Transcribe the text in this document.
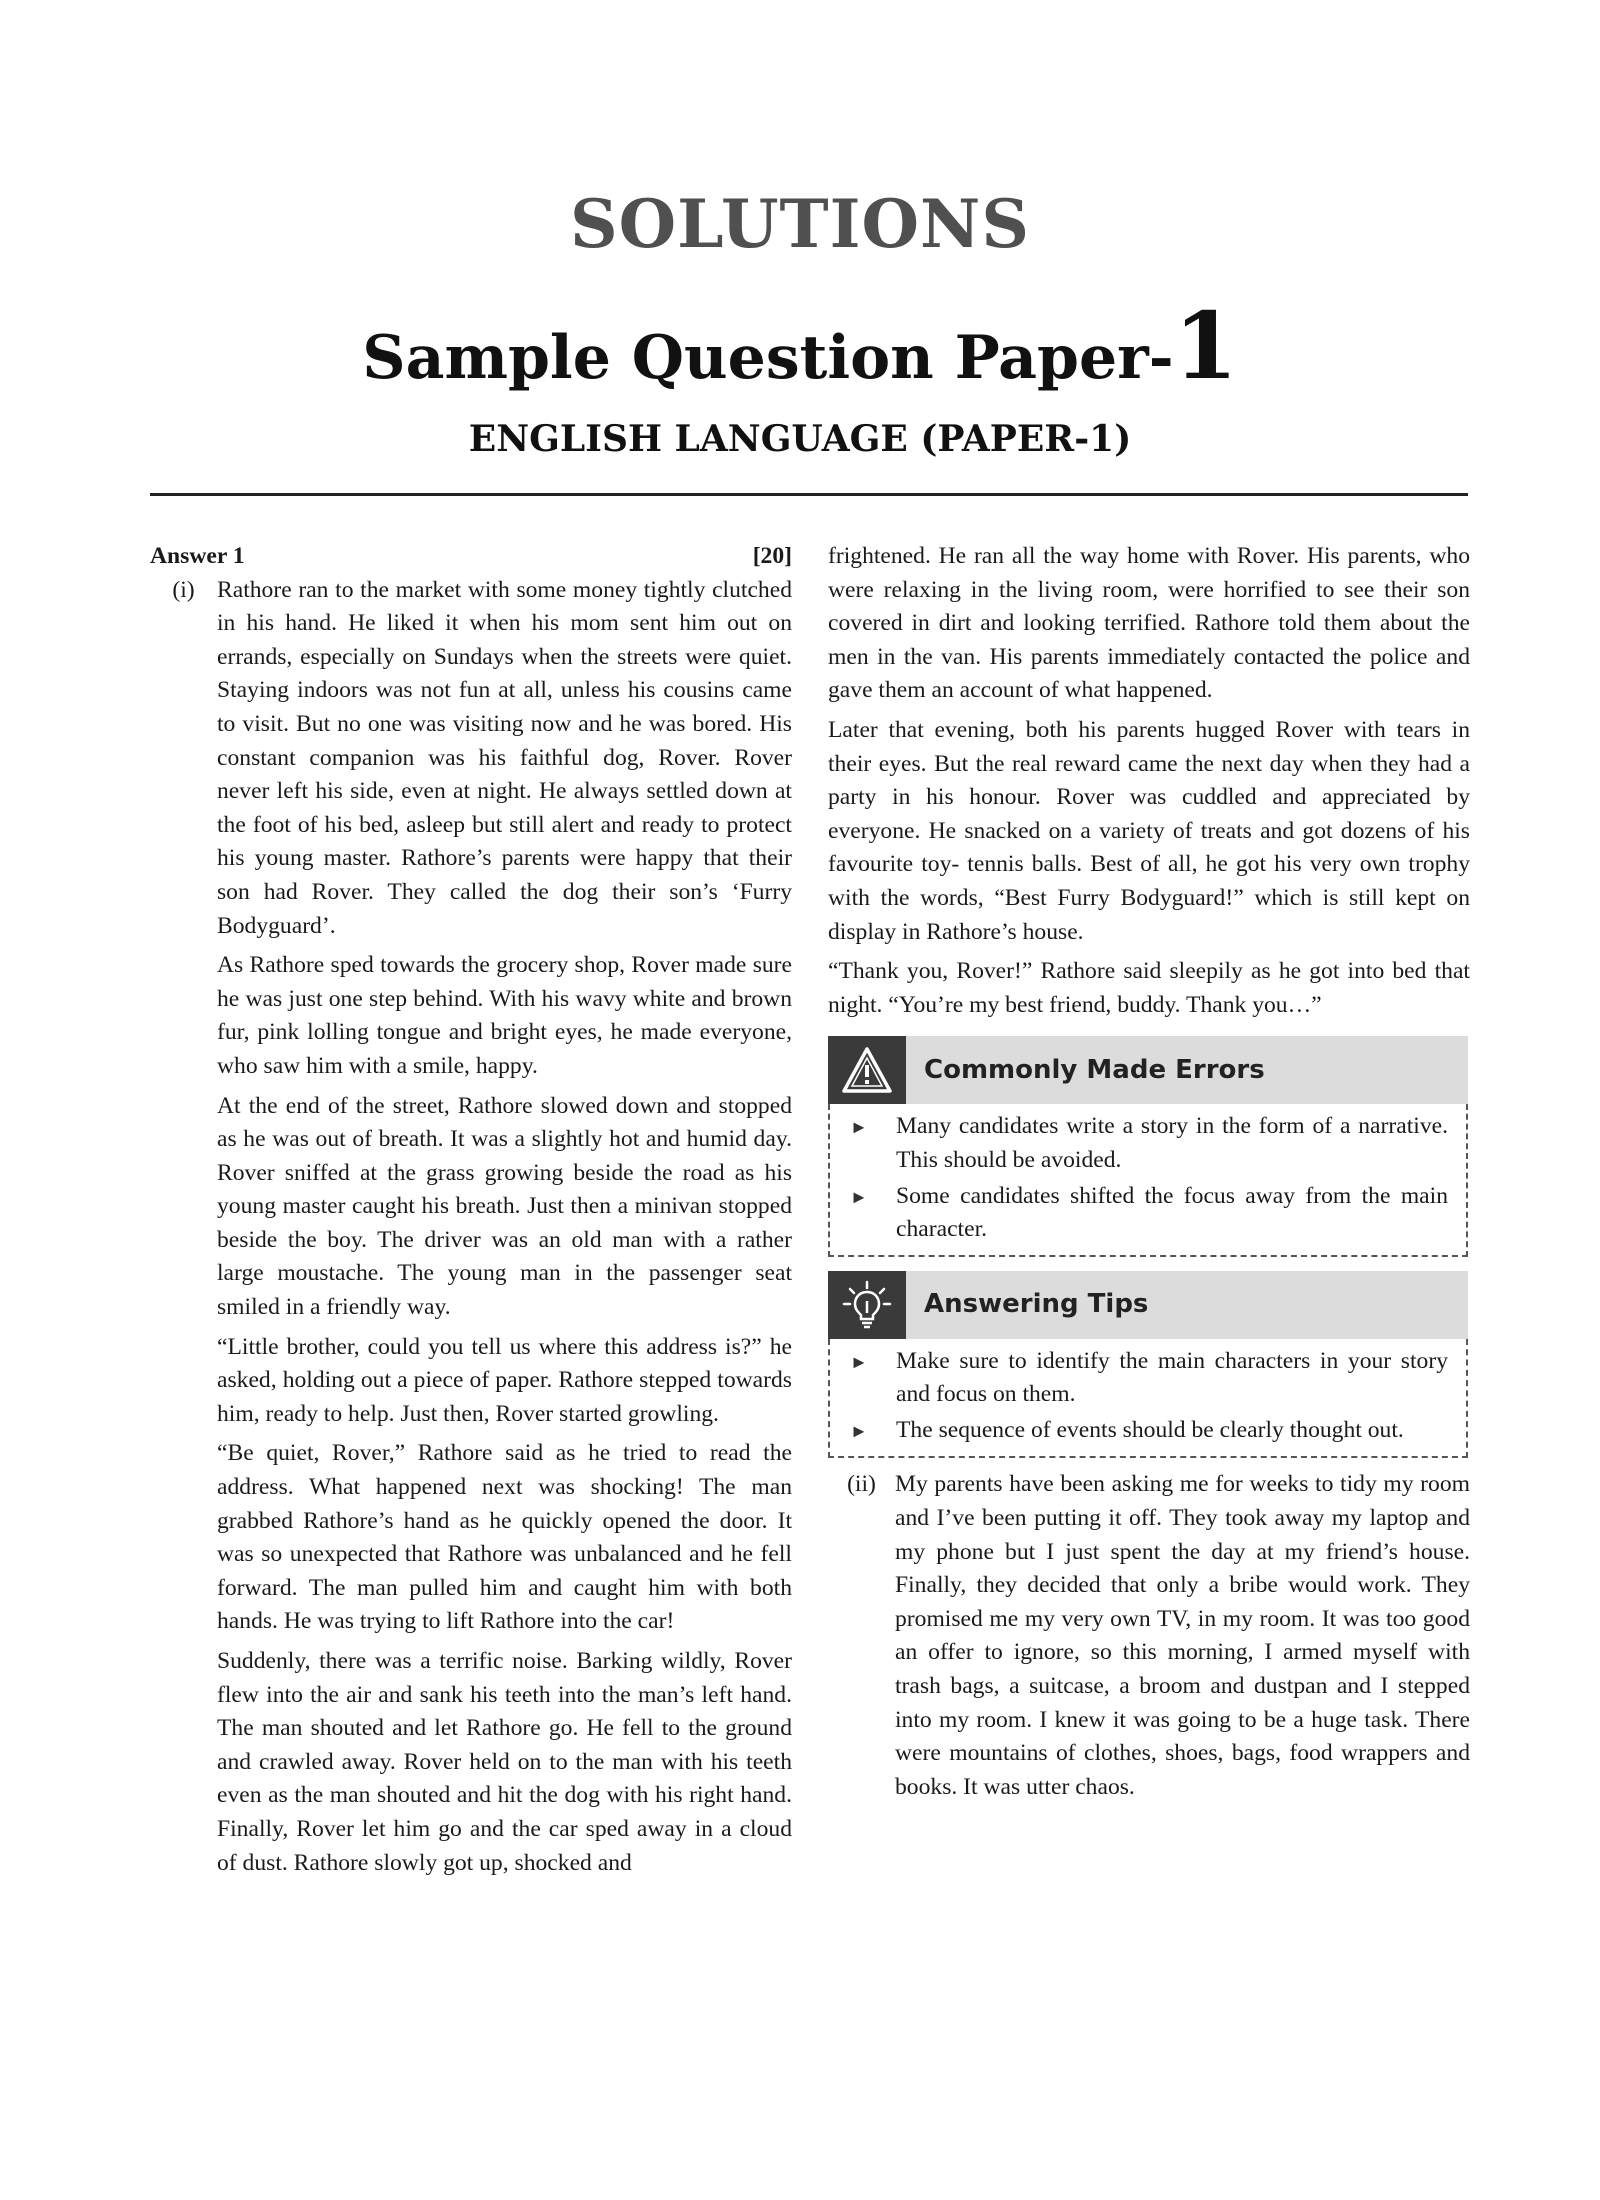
SOLUTIONS
Sample Question Paper-1
ENGLISH LANGUAGE (PAPER-1)
Answer 1	[20]
(i) Rathore ran to the market with some money tightly clutched in his hand. He liked it when his mom sent him out on errands, especially on Sundays when the streets were quiet. Staying indoors was not fun at all, unless his cousins came to visit. But no one was visiting now and he was bored. His constant companion was his faithful dog, Rover. Rover never left his side, even at night. He always settled down at the foot of his bed, asleep but still alert and ready to protect his young master. Rathore’s parents were happy that their son had Rover. They called the dog their son’s ‘Furry Bodyguard’.

As Rathore sped towards the grocery shop, Rover made sure he was just one step behind. With his wavy white and brown fur, pink lolling tongue and bright eyes, he made everyone, who saw him with a smile, happy.

At the end of the street, Rathore slowed down and stopped as he was out of breath. It was a slightly hot and humid day. Rover sniffed at the grass growing beside the road as his young master caught his breath. Just then a minivan stopped beside the boy. The driver was an old man with a rather large moustache. The young man in the passenger seat smiled in a friendly way.

“Little brother, could you tell us where this address is?” he asked, holding out a piece of paper. Rathore stepped towards him, ready to help. Just then, Rover started growling.

“Be quiet, Rover,” Rathore said as he tried to read the address. What happened next was shocking! The man grabbed Rathore’s hand as he quickly opened the door. It was so unexpected that Rathore was unbalanced and he fell forward. The man pulled him and caught him with both hands. He was trying to lift Rathore into the car!

Suddenly, there was a terrific noise. Barking wildly, Rover flew into the air and sank his teeth into the man’s left hand. The man shouted and let Rathore go. He fell to the ground and crawled away. Rover held on to the man with his teeth even as the man shouted and hit the dog with his right hand. Finally, Rover let him go and the car sped away in a cloud of dust. Rathore slowly got up, shocked and

frightened. He ran all the way home with Rover. His parents, who were relaxing in the living room, were horrified to see their son covered in dirt and looking terrified. Rathore told them about the men in the van. His parents immediately contacted the police and gave them an account of what happened.

Later that evening, both his parents hugged Rover with tears in their eyes. But the real reward came the next day when they had a party in his honour. Rover was cuddled and appreciated by everyone. He snacked on a variety of treats and got dozens of his favourite toy- tennis balls. Best of all, he got his very own trophy with the words, “Best Furry Bodyguard!” which is still kept on display in Rathore’s house.

“Thank you, Rover!” Rathore said sleepily as he got into bed that night. “You’re my best friend, buddy. Thank you…”

Commonly Made Errors
►	Many candidates write a story in the form of a narrative. This should be avoided.
►	Some candidates shifted the focus away from the main character.
Answering Tips
►	Make sure to identify the main characters in your story and focus on them.
►	The sequence of events should be clearly thought out.
(ii) My parents have been asking me for weeks to tidy my room and I’ve been putting it off. They took away my laptop and my phone but I just spent the day at my friend’s house. Finally, they decided that only a bribe would work. They promised me my very own TV, in my room. It was too good an offer to ignore, so this morning, I armed myself with trash bags, a suitcase, a broom and dustpan and I stepped into my room. I knew it was going to be a huge task. There were mountains of clothes, shoes, bags, food wrappers and books. It was utter chaos.
